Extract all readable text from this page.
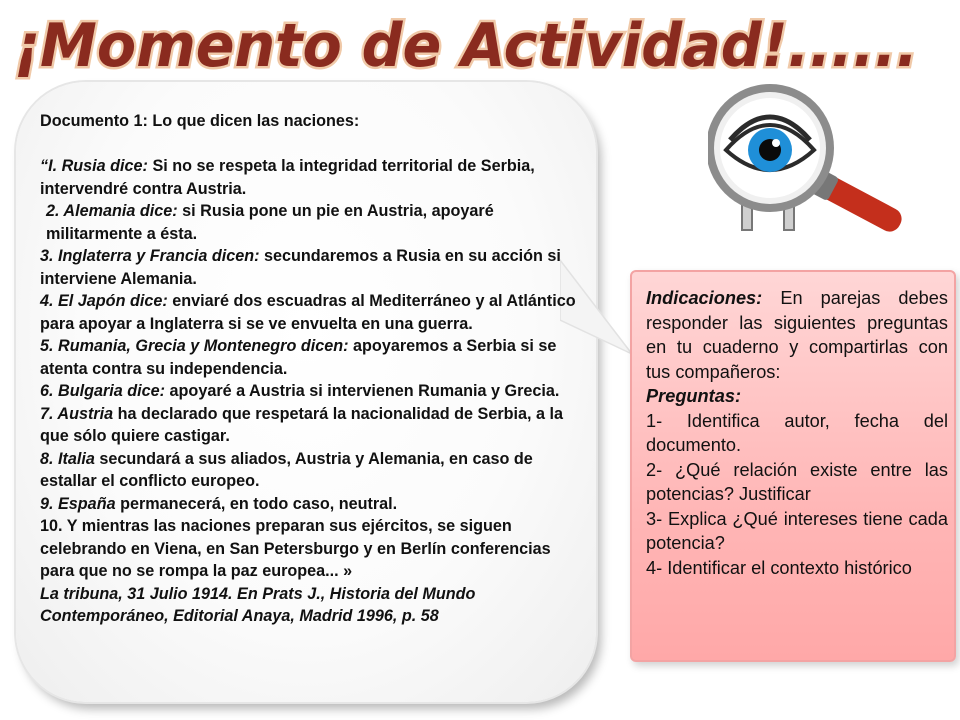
¡Momento de Actividad!......

Documento 1: Lo que dicen las naciones:

“I. Rusia dice: Si no se respeta la integridad territorial de Serbia, intervendré contra Austria.

2. Alemania dice: si Rusia pone un pie en Austria, apoyaré militarmente a ésta.

3. Inglaterra y Francia dicen: secundaremos a Rusia en su acción si interviene Alemania.

4. El Japón dice: enviaré dos escuadras al Mediterráneo y al Atlántico para apoyar a Inglaterra si se ve envuelta en una guerra.

5. Rumania, Grecia y Montenegro dicen: apoyaremos a Serbia si se atenta contra su independencia.

6. Bulgaria dice: apoyaré a Austria si intervienen Rumania y Grecia.

7. Austria ha declarado que respetará la nacionalidad de Serbia, a la que sólo quiere castigar.

8. Italia secundará a sus aliados, Austria y Alemania, en caso de estallar el conflicto europeo.

9. España permanecerá, en todo caso, neutral.

10. Y mientras las naciones preparan sus ejércitos, se siguen celebrando en Viena, en San Petersburgo y en Berlín conferencias para que no se rompa la paz europea... »

La tribuna, 31 Julio 1914. En Prats J., Historia del Mundo Contemporáneo, Editorial Anaya, Madrid 1996, p. 58

Indicaciones: En parejas debes responder las siguientes preguntas en tu cuaderno y compartirlas con tus compañeros:

Preguntas:

1- Identifica autor, fecha del documento.

2- ¿Qué relación existe entre las potencias? Justificar

3- Explica ¿Qué intereses tiene cada potencia?

4- Identificar el contexto histórico
